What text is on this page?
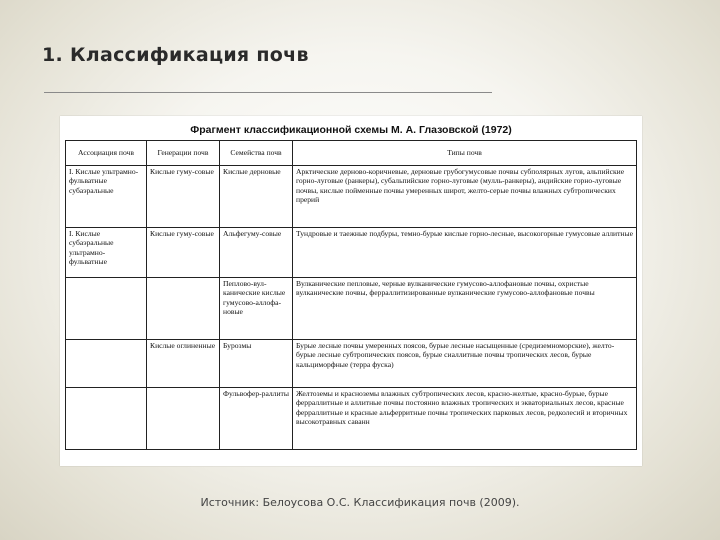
1. Классификация почв
Фрагмент классификационной схемы М. А. Глазовской (1972)
Ассоциация почв	Генерации почв	Семейства почв	Типы почв
I. Кислые ультрамно-фульватные субаэральные	Кислые гуму-совые	Кислые дерновые	Арктические дерново-коричневые, дерновые грубогумусовые почвы субполярных лугов, альпийские горно-луговые (ранкеры), субальпийские горно-луговые (мулль-ранкеры), андийские горно-луговые почвы, кислые пойменные почвы умеренных широт, желто-серые почвы влажных субтропических прерий
I. Кислые субаэральные ультрамно-фульватные	Кислые гуму-совые	Альфегуму-совые	Тундровые и таежные подбуры, темно-бурые кислые горно-лесные, высокогорные гумусовые аллитные
		Пеплово-вул-канические кислые гумусово-аллофа-новые	Вулканические пепловые, черные вулканические гумусово-аллофановые почвы, охристые вулканические почвы, ферраллитизированные вулканические гумусово-аллофановые почвы
	Кислые оглиненные	Бурозмы	Бурые лесные почвы умеренных поясов, бурые лесные насыщенные (средиземноморские), желто-бурые лесные субтропических поясов, бурые сиаллитные почвы тропических лесов, бурые кальциморфные (терра фуска)
		Фульвофер-раллиты	Желтоземы и красноземы влажных субтропических лесов, красно-желтые, красно-бурые, бурые ферраллитные и аллитные почвы постоянно влажных тропических и экваториальных лесов, красные ферраллитные и красные альферритные почвы тропических парковых лесов, редколесий и вторичных высокотравных саванн
Источник: Белоусова О.С. Классификация почв (2009).
